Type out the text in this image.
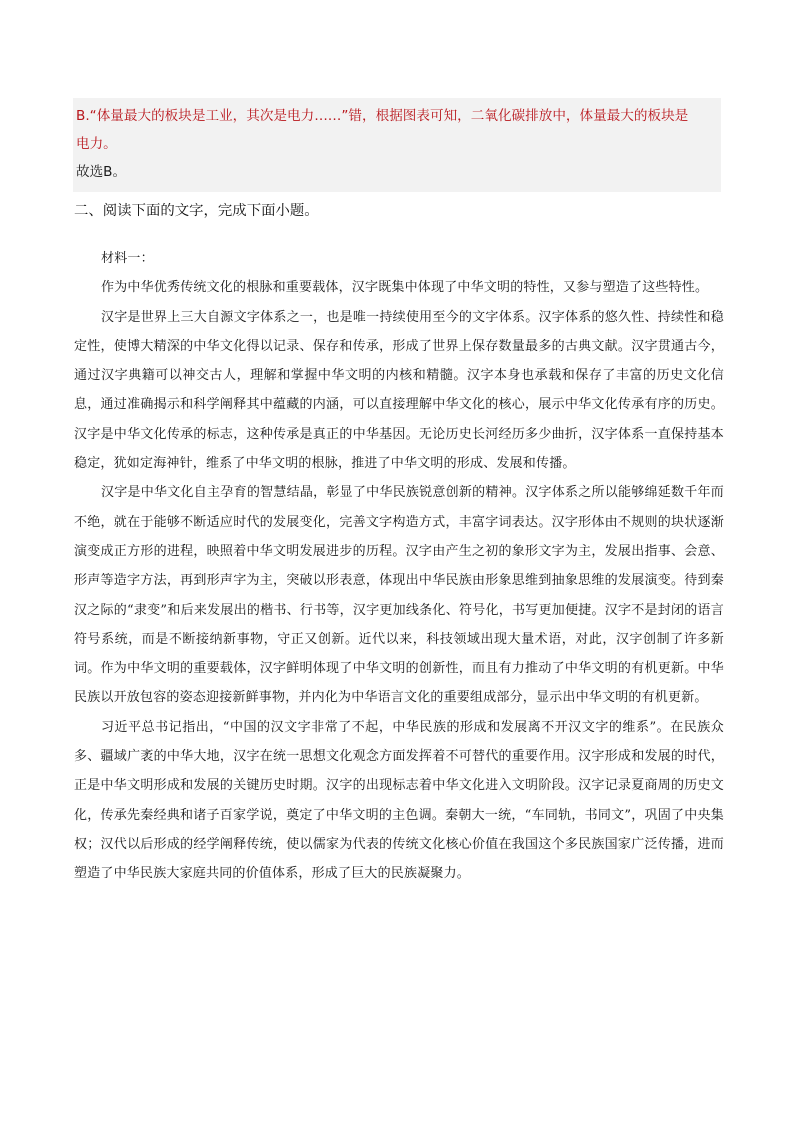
B.“体量最大的板块是工业，其次是电力……”错，根据图表可知，二氧化碳排放中，体量最大的板块是
电力。
故选B。
二、阅读下面的文字，完成下面小题。

材料一：

作为中华优秀传统文化的根脉和重要载体，汉字既集中体现了中华文明的特性，又参与塑造了这些特性。

汉字是世界上三大自源文字体系之一，也是唯一持续使用至今的文字体系。汉字体系的悠久性、持续性和稳定性，使博大精深的中华文化得以记录、保存和传承，形成了世界上保存数量最多的古典文献。汉字贯通古今，通过汉字典籍可以神交古人，理解和掌握中华文明的内核和精髓。汉字本身也承载和保存了丰富的历史文化信息，通过准确揭示和科学阐释其中蕴藏的内涵，可以直接理解中华文化的核心，展示中华文化传承有序的历史。汉字是中华文化传承的标志，这种传承是真正的中华基因。无论历史长河经历多少曲折，汉字体系一直保持基本稳定，犹如定海神针，维系了中华文明的根脉，推进了中华文明的形成、发展和传播。

汉字是中华文化自主孕育的智慧结晶，彰显了中华民族锐意创新的精神。汉字体系之所以能够绵延数千年而不绝，就在于能够不断适应时代的发展变化，完善文字构造方式，丰富字词表达。汉字形体由不规则的块状逐渐演变成正方形的进程，映照着中华文明发展进步的历程。汉字由产生之初的象形文字为主，发展出指事、会意、形声等造字方法，再到形声字为主，突破以形表意，体现出中华民族由形象思维到抽象思维的发展演变。待到秦汉之际的“隶变”和后来发展出的楷书、行书等，汉字更加线条化、符号化，书写更加便捷。汉字不是封闭的语言符号系统，而是不断接纳新事物，守正又创新。近代以来，科技领域出现大量术语，对此，汉字创制了许多新词。作为中华文明的重要载体，汉字鲜明体现了中华文明的创新性，而且有力推动了中华文明的有机更新。中华民族以开放包容的姿态迎接新鲜事物，并内化为中华语言文化的重要组成部分，显示出中华文明的有机更新。

习近平总书记指出，“中国的汉文字非常了不起，中华民族的形成和发展离不开汉文字的维系”。在民族众多、疆域广袤的中华大地，汉字在统一思想文化观念方面发挥着不可替代的重要作用。汉字形成和发展的时代，正是中华文明形成和发展的关键历史时期。汉字的出现标志着中华文化进入文明阶段。汉字记录夏商周的历史文化，传承先秦经典和诸子百家学说，奠定了中华文明的主色调。秦朝大一统，“车同轨，书同文”，巩固了中央集权；汉代以后形成的经学阐释传统，使以儒家为代表的传统文化核心价值在我国这个多民族国家广泛传播，进而塑造了中华民族大家庭共同的价值体系，形成了巨大的民族凝聚力。
